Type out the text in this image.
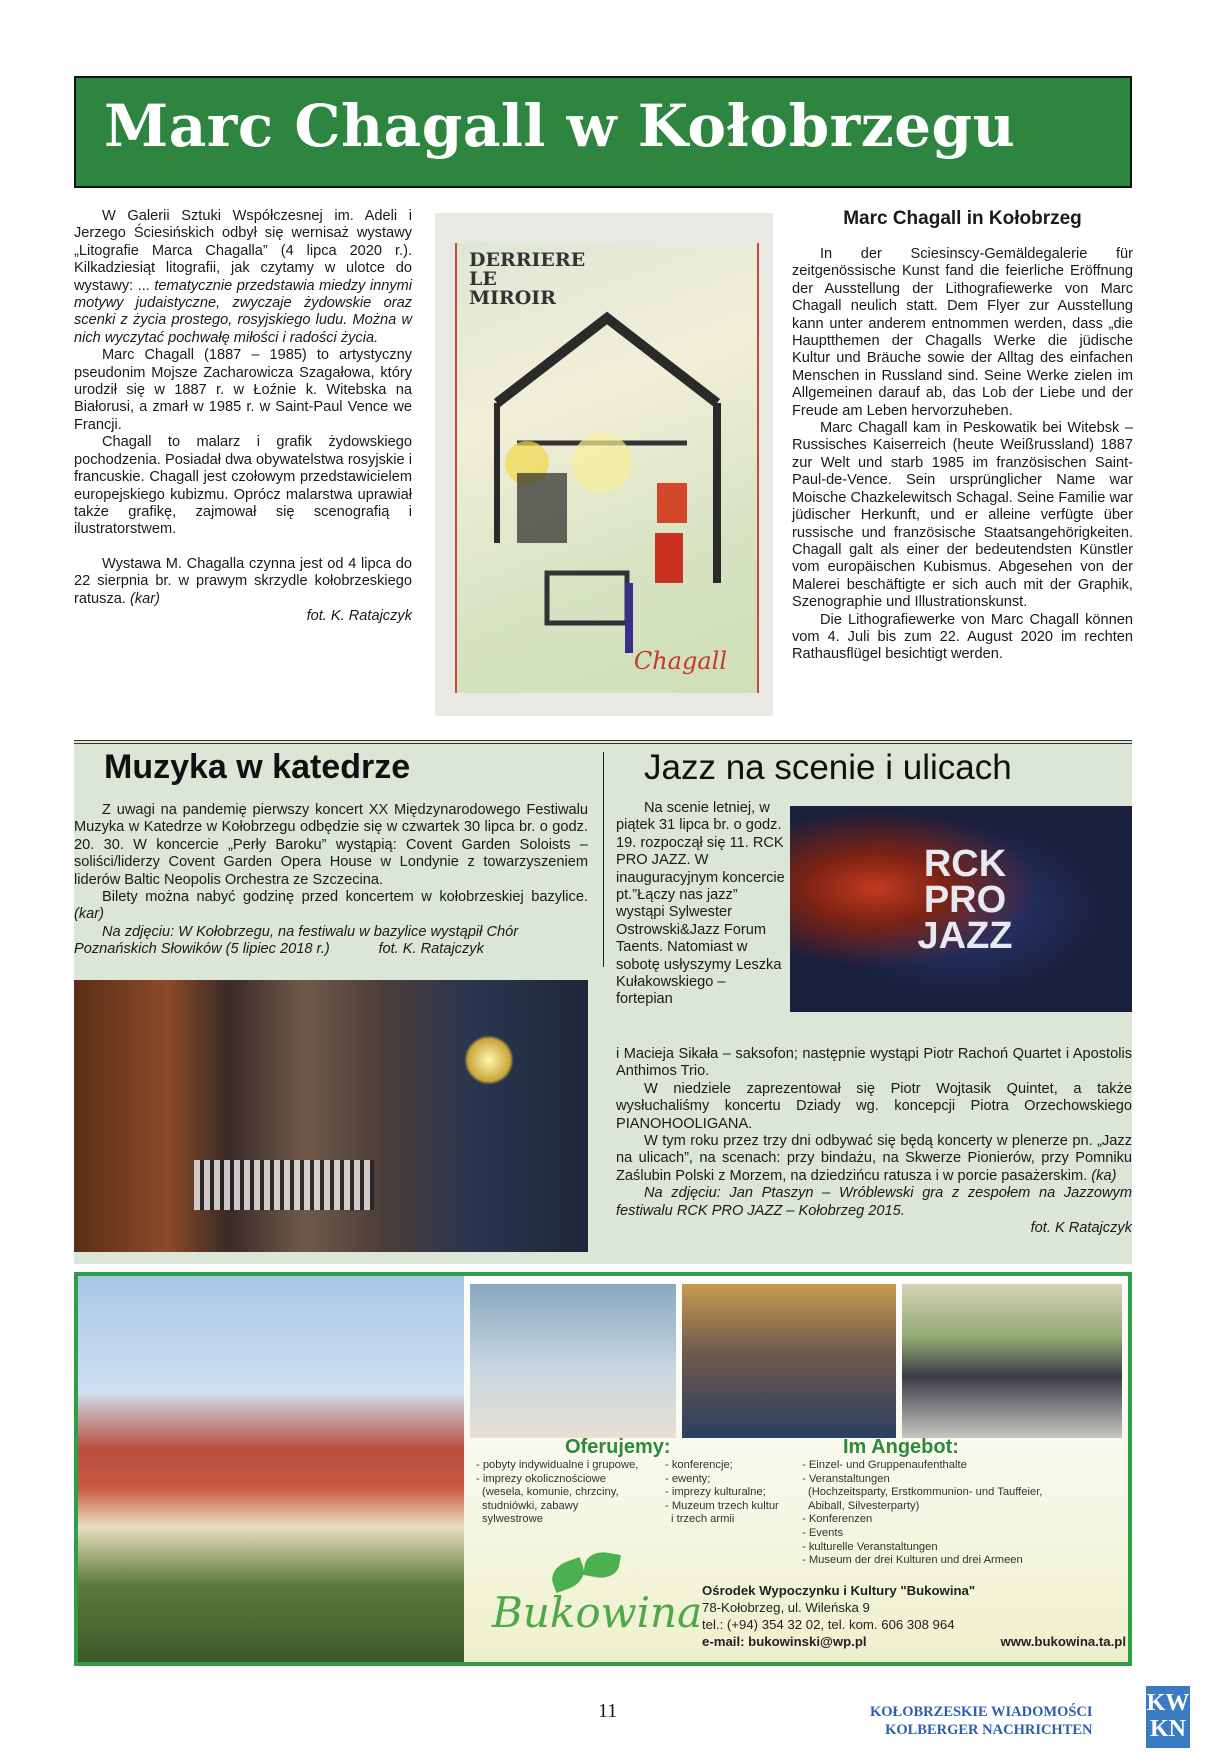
Marc Chagall w Kołobrzegu

W Galerii Sztuki Współczesnej im. Adeli i Jerzego Ściesińskich odbył się wernisaż wystawy „Litografie Marca Chagalla” (4 lipca 2020 r.). Kilkadziesiąt litografii, jak czytamy w ulotce do wystawy: ... tematycznie przedstawia miedzy innymi motywy judaistyczne, zwyczaje żydowskie oraz scenki z życia prostego, rosyjskiego ludu. Można w nich wyczytać pochwałę miłości i radości życia.

Marc Chagall (1887 – 1985) to artystyczny pseudonim Mojsze Zacharowicza Szagałowa, który urodził się w 1887 r. w Łoźnie k. Witebska na Białorusi, a zmarł w 1985 r. w Saint-Paul Vence we Francji.

Chagall to malarz i grafik żydowskiego pochodzenia. Posiadał dwa obywatelstwa rosyjskie i francuskie. Chagall jest czołowym przedstawicielem europejskiego kubizmu. Oprócz malarstwa uprawiał także grafikę, zajmował się scenografią i ilustratorstwem.

Wystawa M. Chagalla czynna jest od 4 lipca do 22 sierpnia br. w prawym skrzydle kołobrzeskiego ratusza. (kar)

fot. K. Ratajczyk

DERRIERE LE MIROIR
Chagall
Marc Chagall in Kołobrzeg

In der Sciesinscy-Gemäldegalerie für zeitgenössische Kunst fand die feierliche Eröffnung der Ausstellung der Lithografiewerke von Marc Chagall neulich statt. Dem Flyer zur Ausstellung kann unter anderem entnommen werden, dass „die Hauptthemen der Chagalls Werke die jüdische Kultur und Bräuche sowie der Alltag des einfachen Menschen in Russland sind. Seine Werke zielen im Allgemeinen darauf ab, das Lob der Liebe und der Freude am Leben hervorzuheben.

Marc Chagall kam in Peskowatik bei Witebsk – Russisches Kaiserreich (heute Weißrussland) 1887 zur Welt und starb 1985 im französischen Saint-Paul-de-Vence. Sein ursprünglicher Name war Moische Chazkelewitsch Schagal. Seine Familie war jüdischer Herkunft, und er alleine verfügte über russische und französische Staatsangehörigkeiten. Chagall galt als einer der bedeutendsten Künstler vom europäischen Kubismus. Abgesehen von der Malerei beschäftigte er sich auch mit der Graphik, Szenographie und Illustrationskunst.

Die Lithografiewerke von Marc Chagall können vom 4. Juli bis zum 22. August 2020 im rechten Rathausflügel besichtigt werden.

Muzyka w katedrze	Jazz na scenie i ulicach

Z uwagi na pandemię pierwszy koncert XX Międzynarodowego Festiwalu Muzyka w Katedrze w Kołobrzegu odbędzie się w czwartek 30 lipca br. o godz. 20. 30. W koncercie „Perły Baroku” wystąpią: Covent Garden Soloists – soliści/liderzy Covent Garden Opera House w Londynie z towarzyszeniem liderów Baltic Neopolis Orchestra ze Szczecina.

Bilety można nabyć godzinę przed koncertem w kołobrzeskiej bazylice. (kar)

Na zdjęciu: W Kołobrzegu, na festiwalu w bazylice wystąpił Chór Poznańskich Słowików (5 lipiec 2018 r.)	fot. K. Ratajczyk

Na scenie letniej, w piątek 31 lipca br. o godz. 19. rozpoczął się 11. RCK PRO JAZZ. W inauguracyjnym koncercie pt.”Łączy nas jazz” wystąpi Sylwester Ostrowski&Jazz Forum Taents. Natomiast w sobotę usłyszymy Leszka Kułakowskiego – fortepian

RCK PRO JAZZ

i Macieja Sikała – saksofon; następnie wystąpi Piotr Rachoń Quartet i Apostolis Anthimos Trio.

W niedziele zaprezentował się Piotr Wojtasik Quintet, a także wysłuchaliśmy koncertu Dziady wg. koncepcji Piotra Orzechowskiego PIANOHOOLIGANA.

W tym roku przez trzy dni odbywać się będą koncerty w plenerze pn. „Jazz na ulicach”, na scenach: przy bindażu, na Skwerze Pionierów, przy Pomniku Zaślubin Polski z Morzem, na dziedzińcu ratusza i w porcie pasażerskim. (ka)

Na zdjęciu: Jan Ptaszyn – Wróblewski gra z zespołem na Jazzowym festiwalu RCK PRO JAZZ – Kołobrzeg 2015.

fot. K Ratajczyk

Oferujemy:	Im Angebot:
- pobyty indywidualne i grupowe,
- imprezy okolicznościowe
(wesela, komunie, chrzciny,
studniówki, zabawy
sylwestrowe
- konferencje;
- ewenty;
- imprezy kulturalne;
- Muzeum trzech kultur
i trzech armii
- Einzel- und Gruppenaufenthalte
- Veranstaltungen
(Hochzeitsparty, Erstkommunion- und Tauffeier,
Abiball, Silvesterparty)
- Konferenzen
- Events
- kulturelle Veranstaltungen
- Museum der drei Kulturen und drei Armeen
Bukowina Ośrodek Wypoczynku i Kultury "Bukowina"
78-Kołobrzeg, ul. Wileńska 9
tel.: (+94) 354 32 02, tel. kom. 606 308 964
e-mail: bukowinski@wp.pl	www.bukowina.ta.pl
11	KOŁOBRZESKIE WIADOMOŚCI
KOLBERGER NACHRICHTEN
KW KN
